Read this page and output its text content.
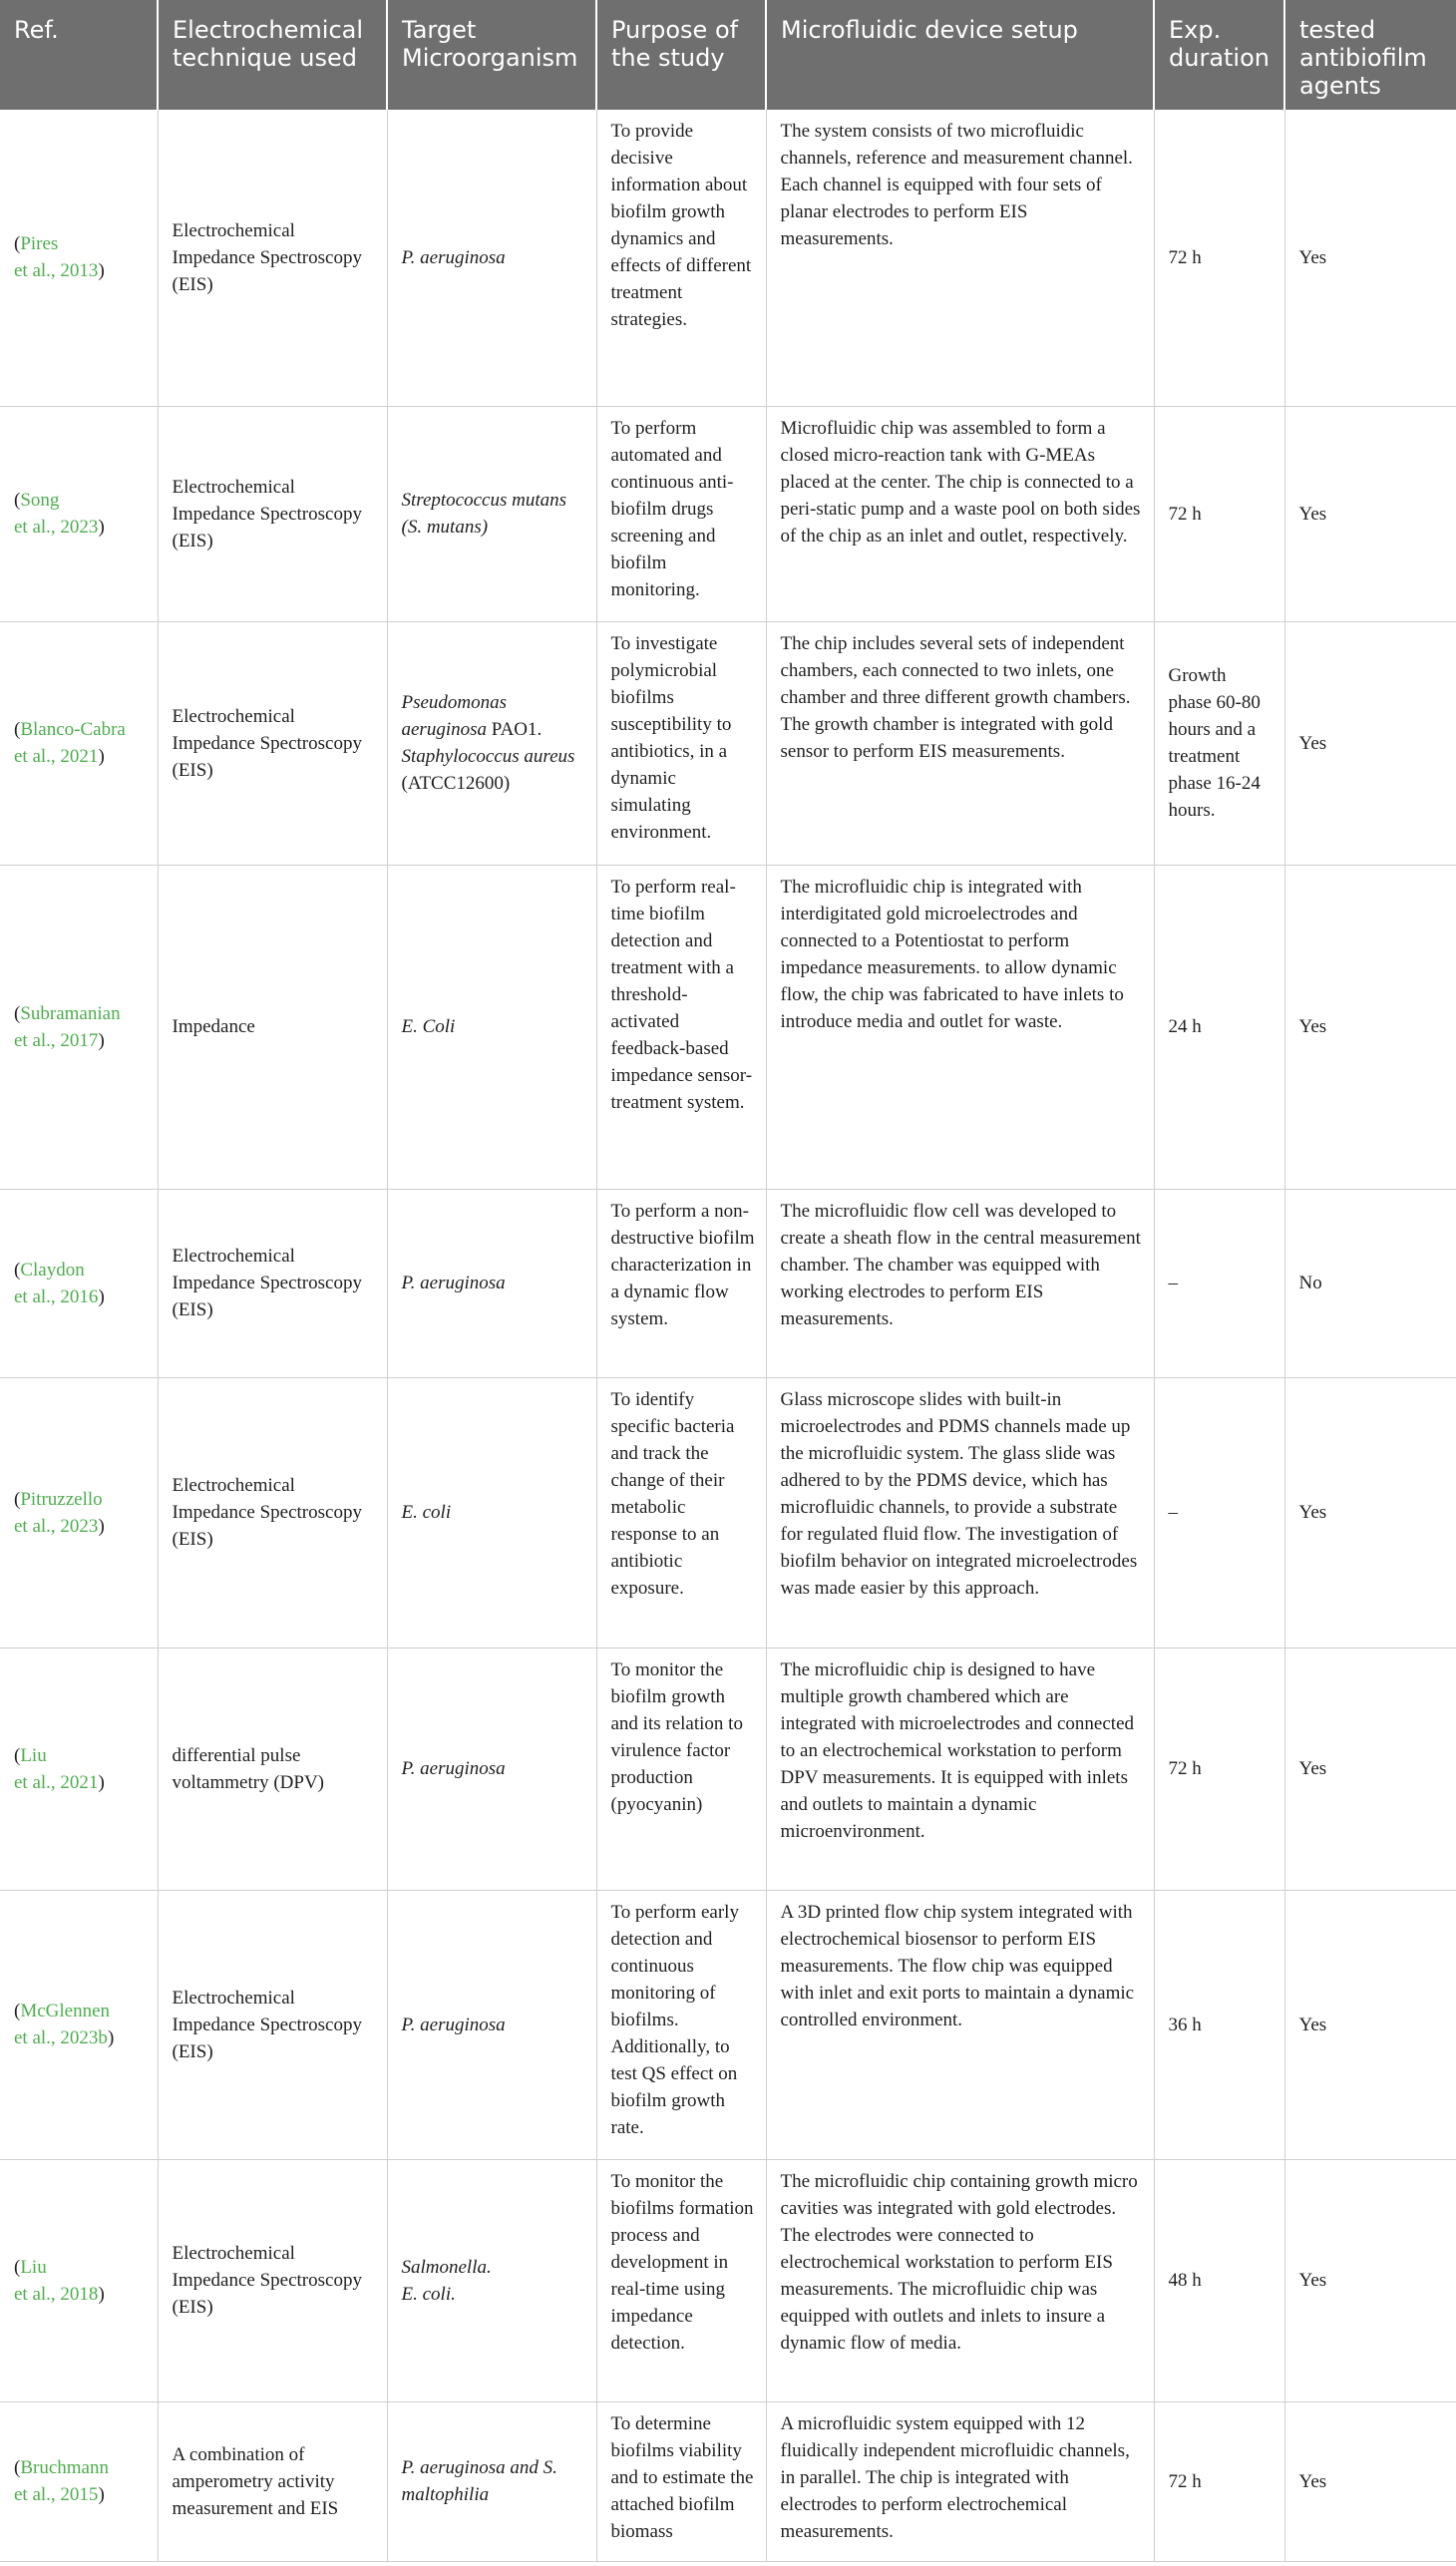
Ref.	Electrochemical technique used	Target Microorganism	Purpose of the study	Microfluidic device setup	Exp. duration	tested antibiofilm agents
(Pires
et al., 2013)	Electrochemical Impedance Spectroscopy (EIS)	P. aeruginosa	To provide decisive information about biofilm growth dynamics and effects of different treatment strategies.	The system consists of two microfluidic channels, reference and measurement channel. Each channel is equipped with four sets of planar electrodes to perform EIS measurements.	72 h	Yes
(Song
et al., 2023)	Electrochemical Impedance Spectroscopy (EIS)	Streptococcus mutans (S. mutans)	To perform automated and continuous anti-biofilm drugs screening and biofilm monitoring.	Microfluidic chip was assembled to form a closed micro-reaction tank with G-MEAs placed at the center. The chip is connected to a peri-static pump and a waste pool on both sides of the chip as an inlet and outlet, respectively.	72 h	Yes
(Blanco-Cabra
et al., 2021)	Electrochemical Impedance Spectroscopy (EIS)	Pseudomonas aeruginosa PAO1.
Staphylococcus aureus (ATCC12600)	To investigate polymicrobial biofilms susceptibility to antibiotics, in a dynamic simulating environment.	The chip includes several sets of independent chambers, each connected to two inlets, one chamber and three different growth chambers. The growth chamber is integrated with gold sensor to perform EIS measurements.	Growth phase 60-80 hours and a treatment phase 16-24 hours.	Yes
(Subramanian
et al., 2017)	Impedance	E. Coli	To perform real-time biofilm detection and treatment with a threshold-activated feedback-based impedance sensor-treatment system.	The microfluidic chip is integrated with interdigitated gold microelectrodes and connected to a Potentiostat to perform impedance measurements. to allow dynamic flow, the chip was fabricated to have inlets to introduce media and outlet for waste.	24 h	Yes
(Claydon
et al., 2016)	Electrochemical Impedance Spectroscopy (EIS)	P. aeruginosa	To perform a non-destructive biofilm characterization in a dynamic flow system.	The microfluidic flow cell was developed to create a sheath flow in the central measurement chamber. The chamber was equipped with working electrodes to perform EIS measurements.	–	No
(Pitruzzello
et al., 2023)	Electrochemical Impedance Spectroscopy (EIS)	E. coli	To identify specific bacteria and track the change of their metabolic response to an antibiotic exposure.	Glass microscope slides with built-in microelectrodes and PDMS channels made up the microfluidic system. The glass slide was adhered to by the PDMS device, which has microfluidic channels, to provide a substrate for regulated fluid flow. The investigation of biofilm behavior on integrated microelectrodes was made easier by this approach.	–	Yes
(Liu
et al., 2021)	differential pulse voltammetry (DPV)	P. aeruginosa	To monitor the biofilm growth and its relation to virulence factor production (pyocyanin)	The microfluidic chip is designed to have multiple growth chambered which are integrated with microelectrodes and connected to an electrochemical workstation to perform DPV measurements. It is equipped with inlets and outlets to maintain a dynamic microenvironment.	72 h	Yes
(McGlennen
et al., 2023b)	Electrochemical Impedance Spectroscopy (EIS)	P. aeruginosa	To perform early detection and continuous monitoring of biofilms. Additionally, to test QS effect on biofilm growth rate.	A 3D printed flow chip system integrated with electrochemical biosensor to perform EIS measurements. The flow chip was equipped with inlet and exit ports to maintain a dynamic controlled environment.	36 h	Yes
(Liu
et al., 2018)	Electrochemical Impedance Spectroscopy (EIS)	Salmonella.
E. coli.	To monitor the biofilms formation process and development in real-time using impedance detection.	The microfluidic chip containing growth micro cavities was integrated with gold electrodes. The electrodes were connected to electrochemical workstation to perform EIS measurements. The microfluidic chip was equipped with outlets and inlets to insure a dynamic flow of media.	48 h	Yes
(Bruchmann
et al., 2015)	A combination of amperometry activity measurement and EIS	P. aeruginosa and S. maltophilia	To determine biofilms viability and to estimate the attached biofilm biomass	A microfluidic system equipped with 12 fluidically independent microfluidic channels, in parallel. The chip is integrated with electrodes to perform electrochemical measurements.	72 h	Yes
